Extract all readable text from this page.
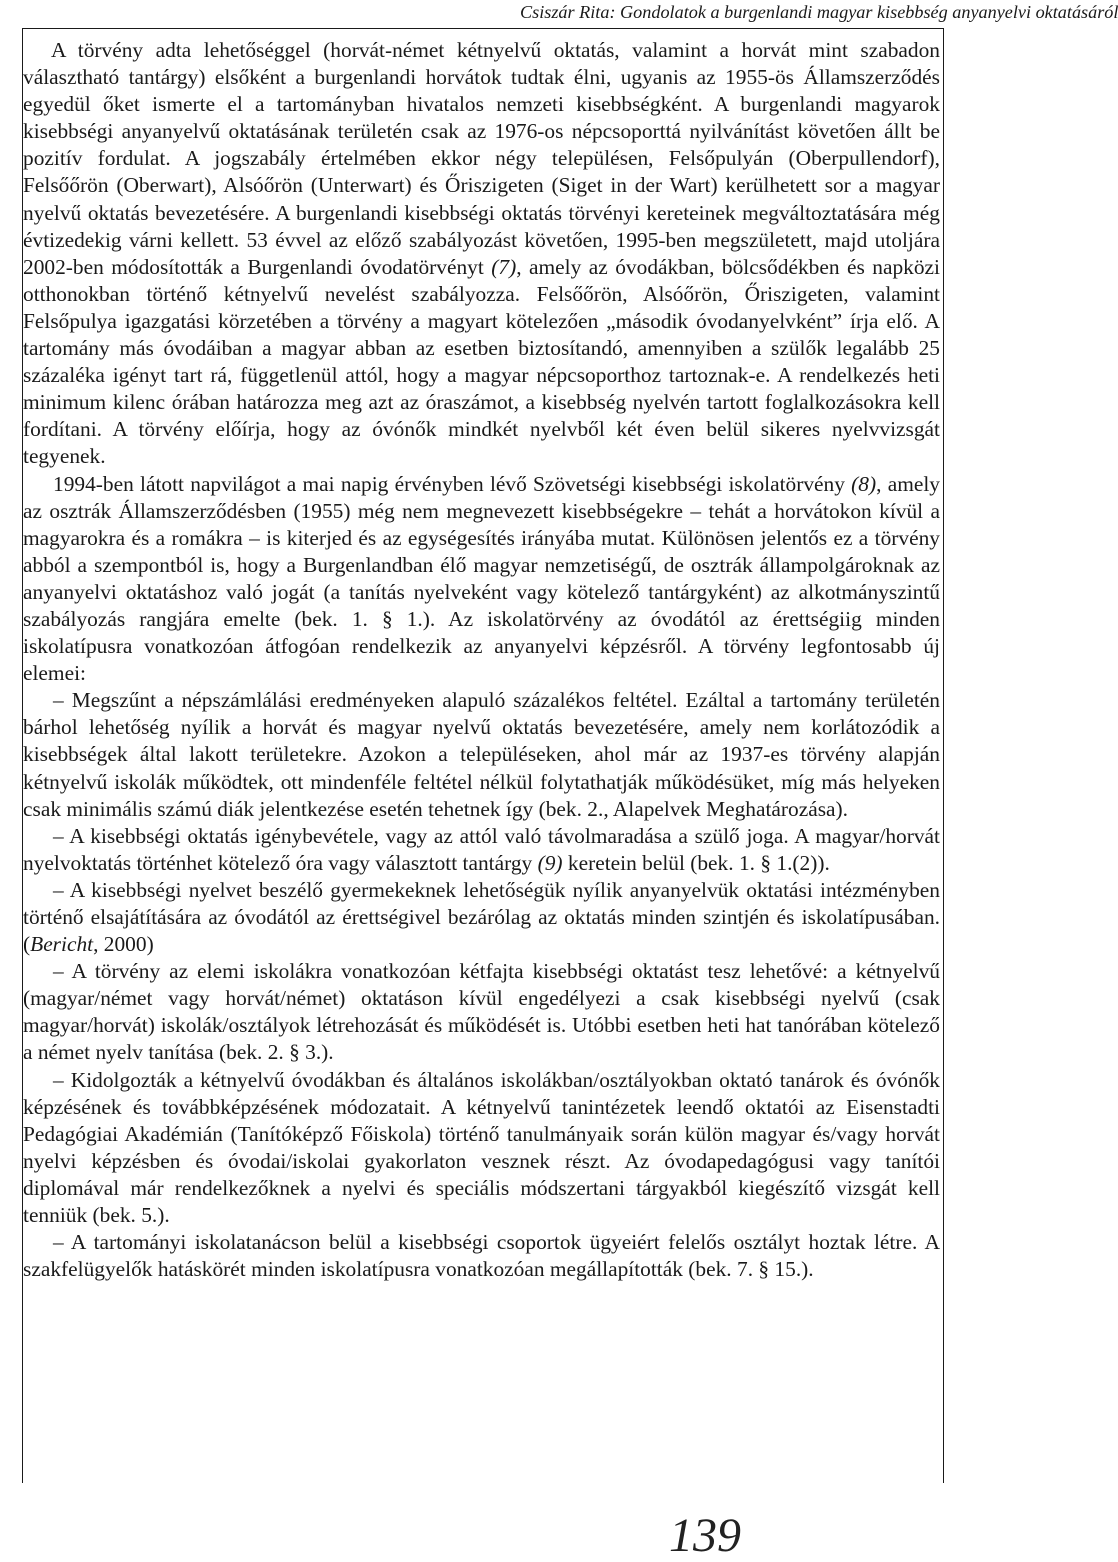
Csiszár Rita: Gondolatok a burgenlandi magyar kisebbség anyanyelvi oktatásáról

A törvény adta lehetőséggel (horvát-német kétnyelvű oktatás, valamint a horvát mint szabadon választható tantárgy) elsőként a burgenlandi horvátok tudtak élni, ugyanis az 1955-ös Államszerződés egyedül őket ismerte el a tartományban hivatalos nemzeti kisebbségként. A burgenlandi magyarok kisebbségi anyanyelvű oktatásának területén csak az 1976-os népcsoporttá nyilvánítást követően állt be pozitív fordulat. A jogszabály értelmében ekkor négy településen, Felsőpulyán (Oberpullendorf), Felsőőrön (Oberwart), Alsóőrön (Unterwart) és Őriszigeten (Siget in der Wart) kerülhetett sor a magyar nyelvű oktatás bevezetésére. A burgenlandi kisebbségi oktatás törvényi kereteinek megváltoztatására még évtizedekig várni kellett. 53 évvel az előző szabályozást követően, 1995-ben megszületett, majd utoljára 2002-ben módosították a Burgenlandi óvodatörvényt (7), amely az óvodákban, bölcsődékben és napközi otthonokban történő kétnyelvű nevelést szabályozza. Felsőőrön, Alsóőrön, Őriszigeten, valamint Felsőpulya igazgatási körzetében a törvény a magyart kötelezően „második óvodanyelvként” írja elő. A tartomány más óvodáiban a magyar abban az esetben biztosítandó, amennyiben a szülők legalább 25 százaléka igényt tart rá, függetlenül attól, hogy a magyar népcsoporthoz tartoznak-e. A rendelkezés heti minimum kilenc órában határozza meg azt az óraszámot, a kisebbség nyelvén tartott foglalkozásokra kell fordítani. A törvény előírja, hogy az óvónők mindkét nyelvből két éven belül sikeres nyelvvizsgát tegyenek.

1994-ben látott napvilágot a mai napig érvényben lévő Szövetségi kisebbségi iskolatörvény (8), amely az osztrák Államszerződésben (1955) még nem megnevezett kisebbségekre – tehát a horvátokon kívül a magyarokra és a romákra – is kiterjed és az egységesítés irányába mutat. Különösen jelentős ez a törvény abból a szempontból is, hogy a Burgenlandban élő magyar nemzetiségű, de osztrák állampolgároknak az anyanyelvi oktatáshoz való jogát (a tanítás nyelveként vagy kötelező tantárgyként) az alkotmányszintű szabályozás rangjára emelte (bek. 1. § 1.). Az iskolatörvény az óvodától az érettségiig minden iskolatípusra vonatkozóan átfogóan rendelkezik az anyanyelvi képzésről. A törvény legfontosabb új elemei:

– Megszűnt a népszámlálási eredményeken alapuló százalékos feltétel. Ezáltal a tartomány területén bárhol lehetőség nyílik a horvát és magyar nyelvű oktatás bevezetésére, amely nem korlátozódik a kisebbségek által lakott területekre. Azokon a településeken, ahol már az 1937-es törvény alapján kétnyelvű iskolák működtek, ott mindenféle feltétel nélkül folytathatják működésüket, míg más helyeken csak minimális számú diák jelentkezése esetén tehetnek így (bek. 2., Alapelvek Meghatározása).

– A kisebbségi oktatás igénybevétele, vagy az attól való távolmaradása a szülő joga. A magyar/horvát nyelvoktatás történhet kötelező óra vagy választott tantárgy (9) keretein belül (bek. 1. § 1.(2)).

– A kisebbségi nyelvet beszélő gyermekeknek lehetőségük nyílik anyanyelvük oktatási intézményben történő elsajátítására az óvodától az érettségivel bezárólag az oktatás minden szintjén és iskolatípusában. (Bericht, 2000)

– A törvény az elemi iskolákra vonatkozóan kétfajta kisebbségi oktatást tesz lehetővé: a kétnyelvű (magyar/német vagy horvát/német) oktatáson kívül engedélyezi a csak kisebbségi nyelvű (csak magyar/horvát) iskolák/osztályok létrehozását és működését is. Utóbbi esetben heti hat tanórában kötelező a német nyelv tanítása (bek. 2. § 3.).

– Kidolgozták a kétnyelvű óvodákban és általános iskolákban/osztályokban oktató tanárok és óvónők képzésének és továbbképzésének módozatait. A kétnyelvű tanintézetek leendő oktatói az Eisenstadti Pedagógiai Akadémián (Tanítóképző Főiskola) történő tanulmányaik során külön magyar és/vagy horvát nyelvi képzésben és óvodai/iskolai gyakorlaton vesznek részt. Az óvodapedagógusi vagy tanítói diplomával már rendelkezőknek a nyelvi és speciális módszertani tárgyakból kiegészítő vizsgát kell tenniük (bek. 5.).

– A tartományi iskolatanácson belül a kisebbségi csoportok ügyeiért felelős osztályt hoztak létre. A szakfelügyelők hatáskörét minden iskolatípusra vonatkozóan megállapították (bek. 7. § 15.).

139
